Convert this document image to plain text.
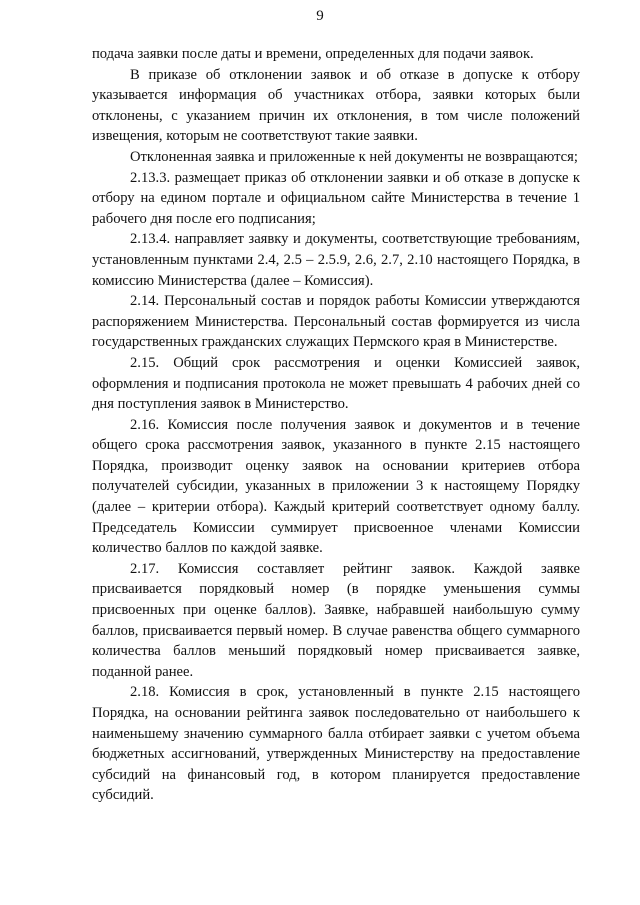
9

подача заявки после даты и времени, определенных для подачи заявок.

В приказе об отклонении заявок и об отказе в допуске к отбору указывается информация об участниках отбора, заявки которых были отклонены, с указанием причин их отклонения, в том числе положений извещения, которым не соответствуют такие заявки.

Отклоненная заявка и приложенные к ней документы не возвращаются;

2.13.3. размещает приказ об отклонении заявки и об отказе в допуске к отбору на едином портале и официальном сайте Министерства в течение 1 рабочего дня после его подписания;

2.13.4. направляет заявку и документы, соответствующие требованиям, установленным пунктами 2.4, 2.5 – 2.5.9, 2.6, 2.7, 2.10 настоящего Порядка, в комиссию Министерства (далее – Комиссия).

2.14. Персональный состав и порядок работы Комиссии утверждаются распоряжением Министерства. Персональный состав формируется из числа государственных гражданских служащих Пермского края в Министерстве.

2.15. Общий срок рассмотрения и оценки Комиссией заявок, оформления и подписания протокола не может превышать 4 рабочих дней со дня поступления заявок в Министерство.

2.16. Комиссия после получения заявок и документов и в течение общего срока рассмотрения заявок, указанного в пункте 2.15 настоящего Порядка, производит оценку заявок на основании критериев отбора получателей субсидии, указанных в приложении 3 к настоящему Порядку (далее – критерии отбора). Каждый критерий соответствует одному баллу. Председатель Комиссии суммирует присвоенное членами Комиссии количество баллов по каждой заявке.

2.17. Комиссия составляет рейтинг заявок. Каждой заявке присваивается порядковый номер (в порядке уменьшения суммы присвоенных при оценке баллов). Заявке, набравшей наибольшую сумму баллов, присваивается первый номер. В случае равенства общего суммарного количества баллов меньший порядковый номер присваивается заявке, поданной ранее.

2.18. Комиссия в срок, установленный в пункте 2.15 настоящего Порядка, на основании рейтинга заявок последовательно от наибольшего к наименьшему значению суммарного балла отбирает заявки с учетом объема бюджетных ассигнований, утвержденных Министерству на предоставление субсидий на финансовый год, в котором планируется предоставление субсидий.
